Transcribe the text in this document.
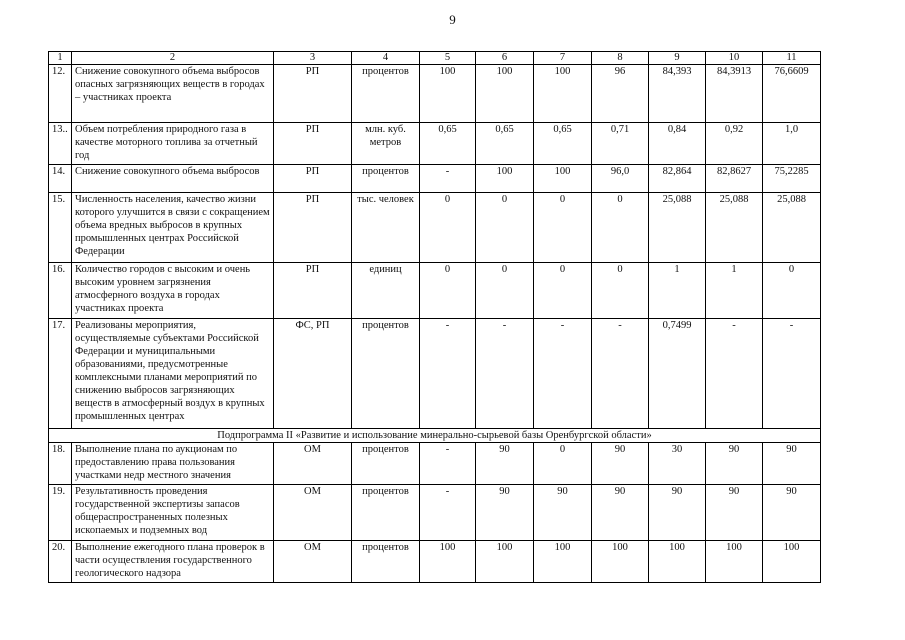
9
1	2	3	4	5	6	7	8	9	10	11
12.	Снижение совокупного объема выбросов опасных загрязняющих веществ в городах – участниках проекта	РП	процентов	100	100	100	96	84,393	84,3913	76,6609
13..	Объем потребления природного газа в качестве моторного топлива за отчетный год	РП	млн. куб. метров	0,65	0,65	0,65	0,71	0,84	0,92	1,0
14.	Снижение совокупного объема выбросов	РП	процентов	-	100	100	96,0	82,864	82,8627	75,2285
15.	Численность населения, качество жизни которого улучшится в связи с сокращением объема вредных выбросов в крупных промышленных центрах Российской Федерации	РП	тыс. человек	0	0	0	0	25,088	25,088	25,088
16.	Количество городов с высоким и очень высоким уровнем загрязнения атмосферного воздуха в городах участниках проекта	РП	единиц	0	0	0	0	1	1	0
17.	Реализованы мероприятия, осуществляемые субъектами Российской Федерации и муниципальными образованиями, предусмотренные комплексными планами мероприятий по снижению выбросов загрязняющих веществ в атмосферный воздух в крупных промышленных центрах	ФС, РП	процентов	-	-	-	-	0,7499	-	-
Подпрограмма II «Развитие и использование минерально-сырьевой базы Оренбургской области»										
18.	Выполнение плана по аукционам по предоставлению права пользования участками недр местного значения	ОМ	процентов	-	90	0	90	30	90	90
19.	Результативность проведения государственной экспертизы запасов общераспространенных полезных ископаемых и подземных вод	ОМ	процентов	-	90	90	90	90	90	90
20.	Выполнение ежегодного плана проверок в части осуществления государственного геологического надзора	ОМ	процентов	100	100	100	100	100	100	100
